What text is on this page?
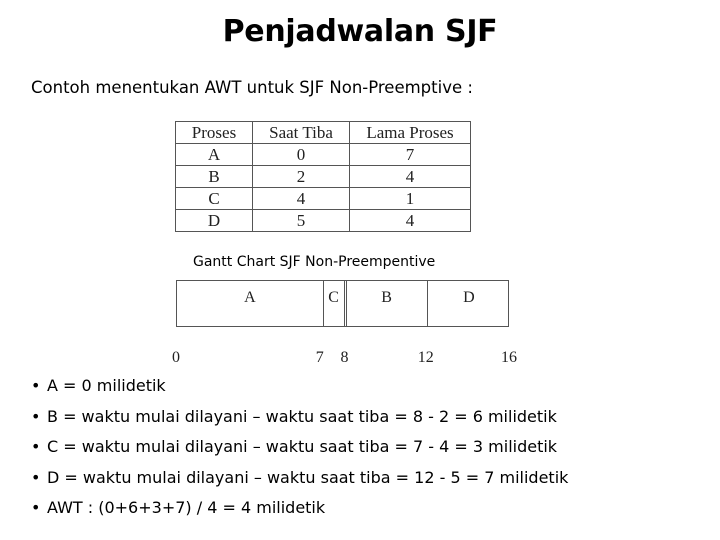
Penjadwalan SJF
Contoh menentukan AWT untuk SJF Non-Preemptive :
Proses	Saat Tiba	Lama Proses
A	0	7
B	2	4
C	4	1
D	5	4
Gantt Chart SJF Non-Preempentive
A	C	B	D
0	7 8	12	16
• A = 0 milidetik
• B = waktu mulai dilayani – waktu saat tiba = 8 - 2 = 6 milidetik
• C = waktu mulai dilayani – waktu saat tiba = 7 - 4 = 3 milidetik
• D = waktu mulai dilayani – waktu saat tiba = 12 - 5 = 7 milidetik
• AWT : (0+6+3+7) / 4 = 4 milidetik
